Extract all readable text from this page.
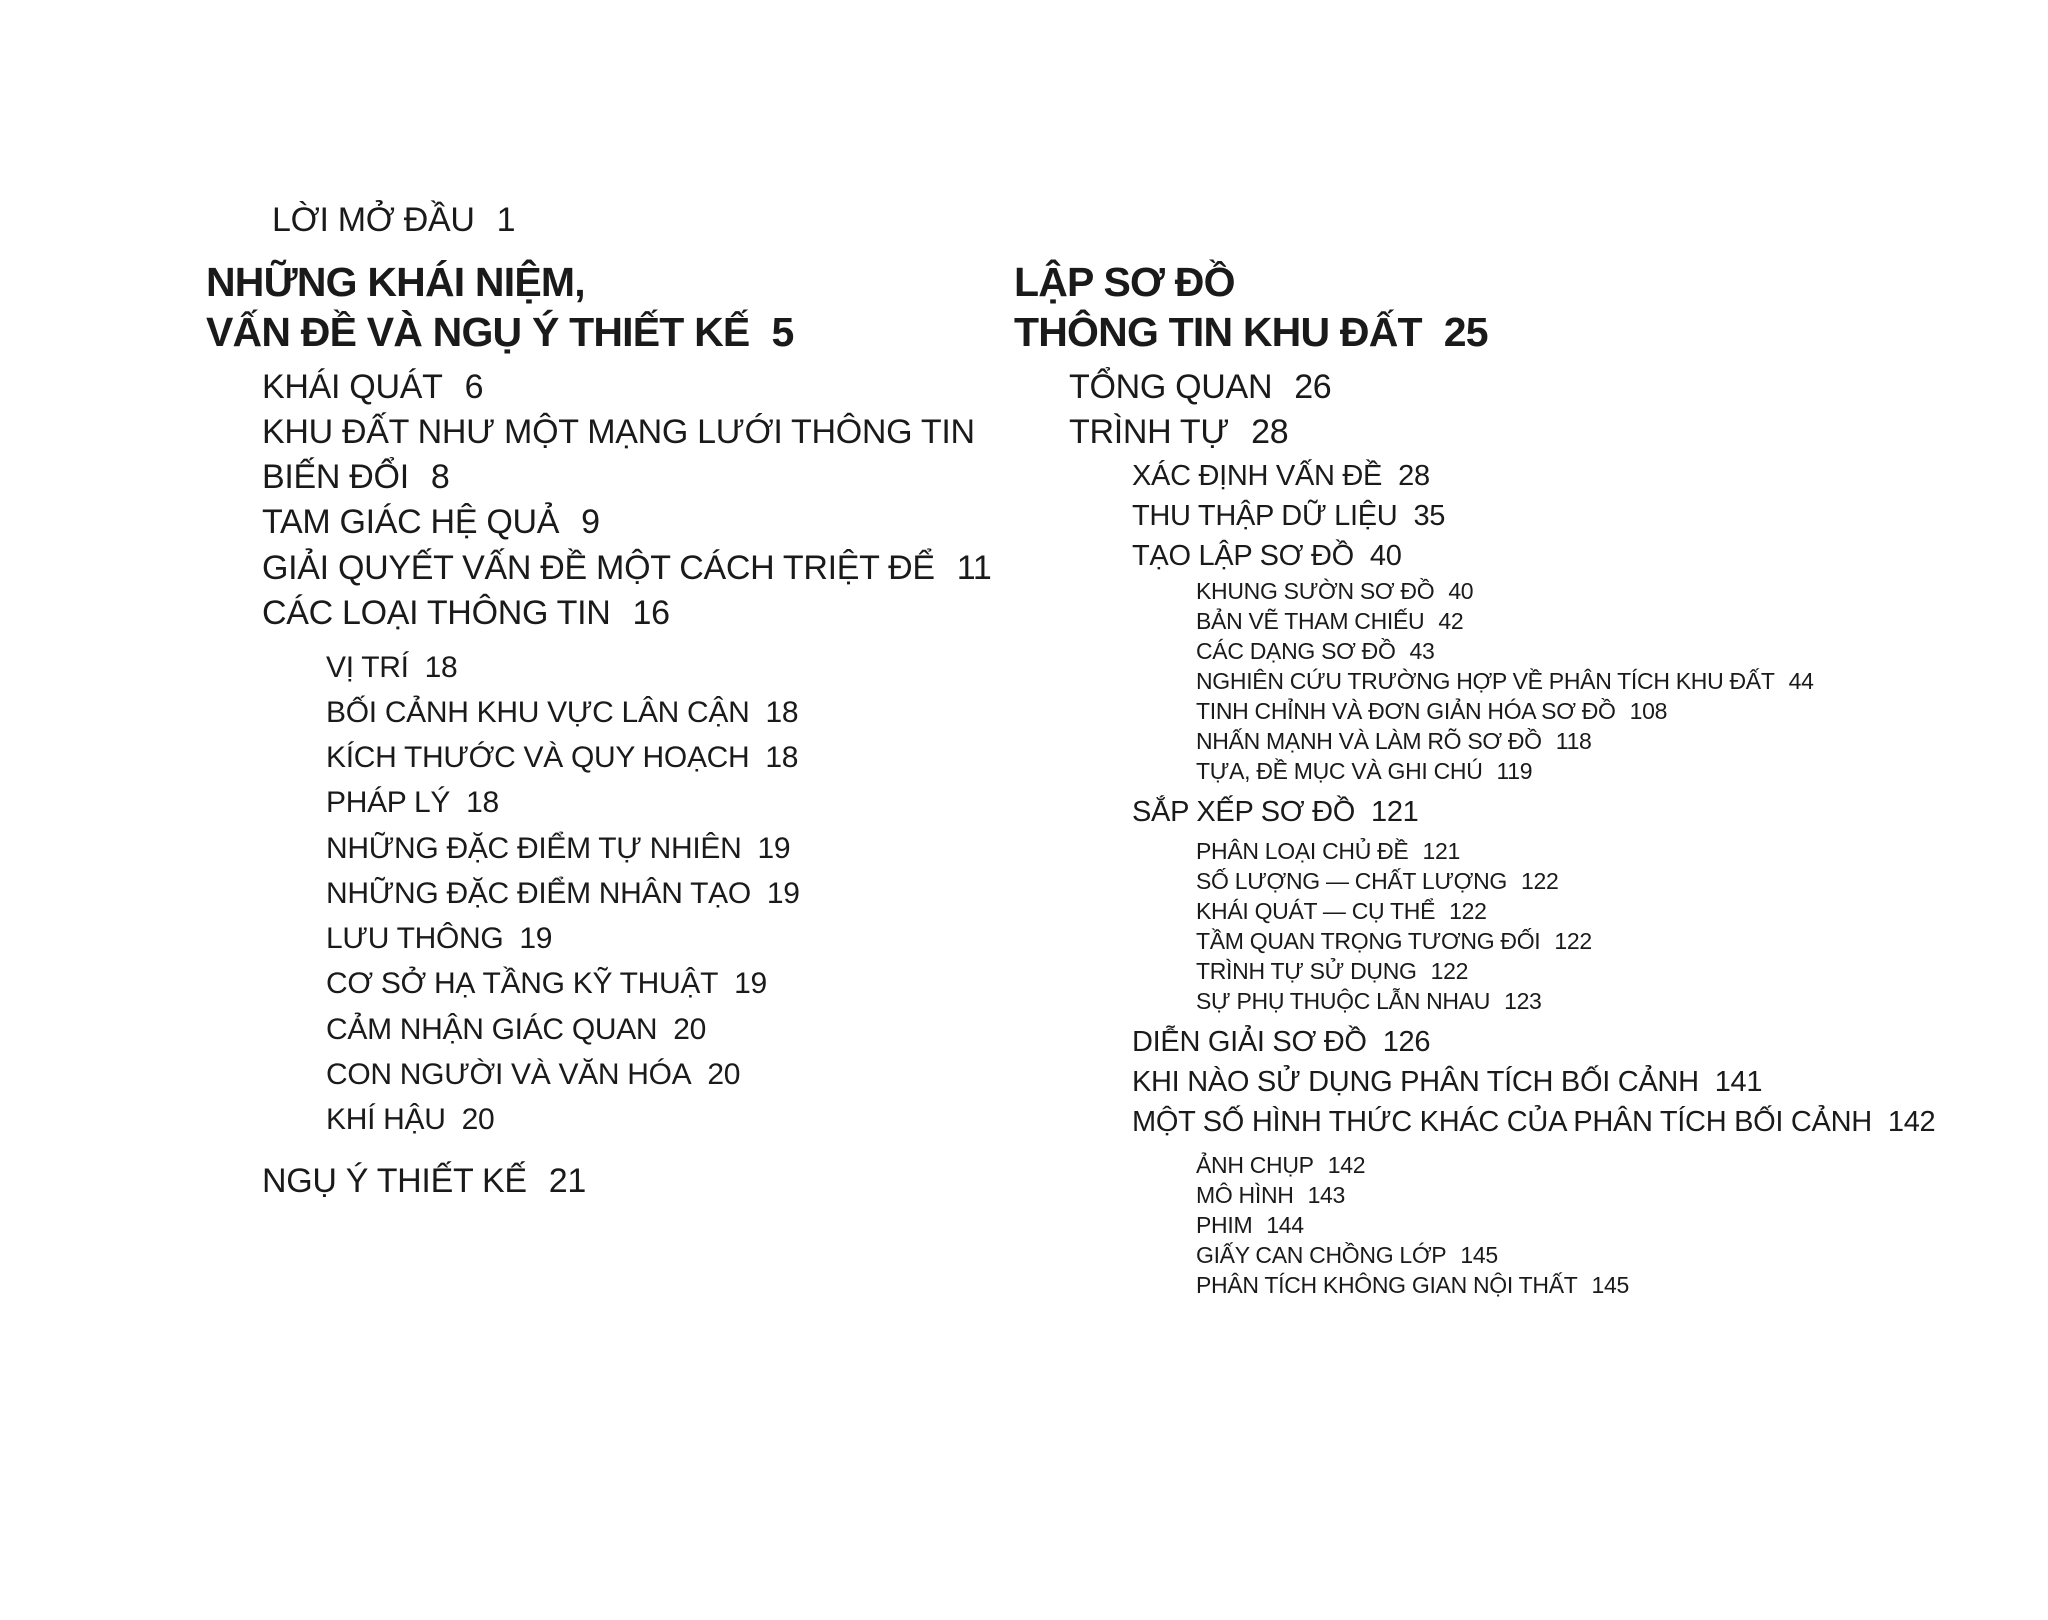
LỜI MỞ ĐẦU 1
NHỮNG KHÁI NIỆM,
VẤN ĐỀ VÀ NGỤ Ý THIẾT KẾ 5
KHÁI QUÁT 6
KHU ĐẤT NHƯ MỘT MẠNG LƯỚI THÔNG TIN
BIẾN ĐỔI 8
TAM GIÁC HỆ QUẢ 9
GIẢI QUYẾT VẤN ĐỀ MỘT CÁCH TRIỆT ĐỂ 11
CÁC LOẠI THÔNG TIN 16
VỊ TRÍ 18
BỐI CẢNH KHU VỰC LÂN CẬN 18
KÍCH THƯỚC VÀ QUY HOẠCH 18
PHÁP LÝ 18
NHỮNG ĐẶC ĐIỂM TỰ NHIÊN 19
NHỮNG ĐẶC ĐIỂM NHÂN TẠO 19
LƯU THÔNG 19
CƠ SỞ HẠ TẦNG KỸ THUẬT 19
CẢM NHẬN GIÁC QUAN 20
CON NGƯỜI VÀ VĂN HÓA 20
KHÍ HẬU 20
NGỤ Ý THIẾT KẾ 21
LẬP SƠ ĐỒ
THÔNG TIN KHU ĐẤT 25
TỔNG QUAN 26
TRÌNH TỰ 28
XÁC ĐỊNH VẤN ĐỀ 28
THU THẬP DỮ LIỆU 35
TẠO LẬP SƠ ĐỒ 40
KHUNG SƯỜN SƠ ĐỒ 40
BẢN VẼ THAM CHIẾU 42
CÁC DẠNG SƠ ĐỒ 43
NGHIÊN CỨU TRƯỜNG HỢP VỀ PHÂN TÍCH KHU ĐẤT 44
TINH CHỈNH VÀ ĐƠN GIẢN HÓA SƠ ĐỒ 108
NHẤN MẠNH VÀ LÀM RÕ SƠ ĐỒ 118
TỰA, ĐỀ MỤC VÀ GHI CHÚ 119
SẮP XẾP SƠ ĐỒ 121
PHÂN LOẠI CHỦ ĐỀ 121
SỐ LƯỢNG — CHẤT LƯỢNG 122
KHÁI QUÁT — CỤ THỂ 122
TẦM QUAN TRỌNG TƯƠNG ĐỐI 122
TRÌNH TỰ SỬ DỤNG 122
SỰ PHỤ THUỘC LẪN NHAU 123
DIỄN GIẢI SƠ ĐỒ 126
KHI NÀO SỬ DỤNG PHÂN TÍCH BỐI CẢNH 141
MỘT SỐ HÌNH THỨC KHÁC CỦA PHÂN TÍCH BỐI CẢNH 142
ẢNH CHỤP 142
MÔ HÌNH 143
PHIM 144
GIẤY CAN CHỒNG LỚP 145
PHÂN TÍCH KHÔNG GIAN NỘI THẤT 145
